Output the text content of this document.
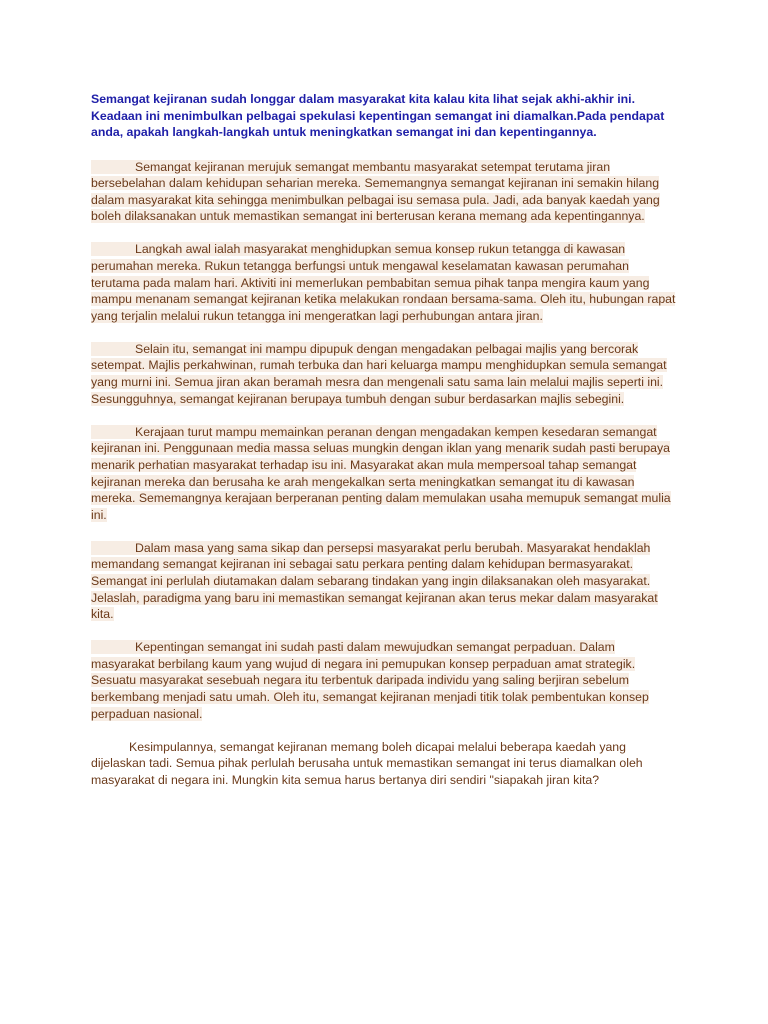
Semangat kejiranan sudah longgar dalam masyarakat kita kalau kita lihat sejak akhi-akhir ini. Keadaan ini menimbulkan pelbagai spekulasi kepentingan semangat ini diamalkan.Pada pendapat anda, apakah langkah-langkah untuk meningkatkan semangat ini dan kepentingannya.

Semangat kejiranan merujuk semangat membantu masyarakat setempat terutama jiran bersebelahan dalam kehidupan seharian mereka. Sememangnya semangat kejiranan ini semakin hilang dalam masyarakat kita sehingga menimbulkan pelbagai isu semasa pula. Jadi, ada banyak kaedah yang boleh dilaksanakan untuk memastikan semangat ini berterusan kerana memang ada kepentingannya.

Langkah awal ialah masyarakat menghidupkan semua konsep rukun tetangga di kawasan perumahan mereka. Rukun tetangga berfungsi untuk mengawal keselamatan kawasan perumahan terutama pada malam hari. Aktiviti ini memerlukan pembabitan semua pihak tanpa mengira kaum yang mampu menanam semangat kejiranan ketika melakukan rondaan bersama-sama. Oleh itu, hubungan rapat yang terjalin melalui rukun tetangga ini mengeratkan lagi perhubungan antara jiran.

Selain itu, semangat ini mampu dipupuk dengan mengadakan pelbagai majlis yang bercorak setempat. Majlis perkahwinan, rumah terbuka dan hari keluarga mampu menghidupkan semula semangat yang murni ini. Semua jiran akan beramah mesra dan mengenali satu sama lain melalui majlis seperti ini. Sesungguhnya, semangat kejiranan berupaya tumbuh dengan subur berdasarkan majlis sebegini.

Kerajaan turut mampu memainkan peranan dengan mengadakan kempen kesedaran semangat kejiranan ini. Penggunaan media massa seluas mungkin dengan iklan yang menarik sudah pasti berupaya menarik perhatian masyarakat terhadap isu ini. Masyarakat akan mula mempersoal tahap semangat kejiranan mereka dan berusaha ke arah mengekalkan serta meningkatkan semangat itu di kawasan mereka. Sememangnya kerajaan berperanan penting dalam memulakan usaha memupuk semangat mulia ini.

Dalam masa yang sama sikap dan persepsi masyarakat perlu berubah. Masyarakat hendaklah memandang semangat kejiranan ini sebagai satu perkara penting dalam kehidupan bermasyarakat. Semangat ini perlulah diutamakan dalam sebarang tindakan yang ingin dilaksanakan oleh masyarakat. Jelaslah, paradigma yang baru ini memastikan semangat kejiranan akan terus mekar dalam masyarakat kita.

Kepentingan semangat ini sudah pasti dalam mewujudkan semangat perpaduan. Dalam masyarakat berbilang kaum yang wujud di negara ini pemupukan konsep perpaduan amat strategik. Sesuatu masyarakat sesebuah negara itu terbentuk daripada individu yang saling berjiran sebelum berkembang menjadi satu umah. Oleh itu, semangat kejiranan menjadi titik tolak pembentukan konsep perpaduan nasional.

Kesimpulannya, semangat kejiranan memang boleh dicapai melalui beberapa kaedah yang dijelaskan tadi. Semua pihak perlulah berusaha untuk memastikan semangat ini terus diamalkan oleh masyarakat di negara ini. Mungkin kita semua harus bertanya diri sendiri "siapakah jiran kita?
